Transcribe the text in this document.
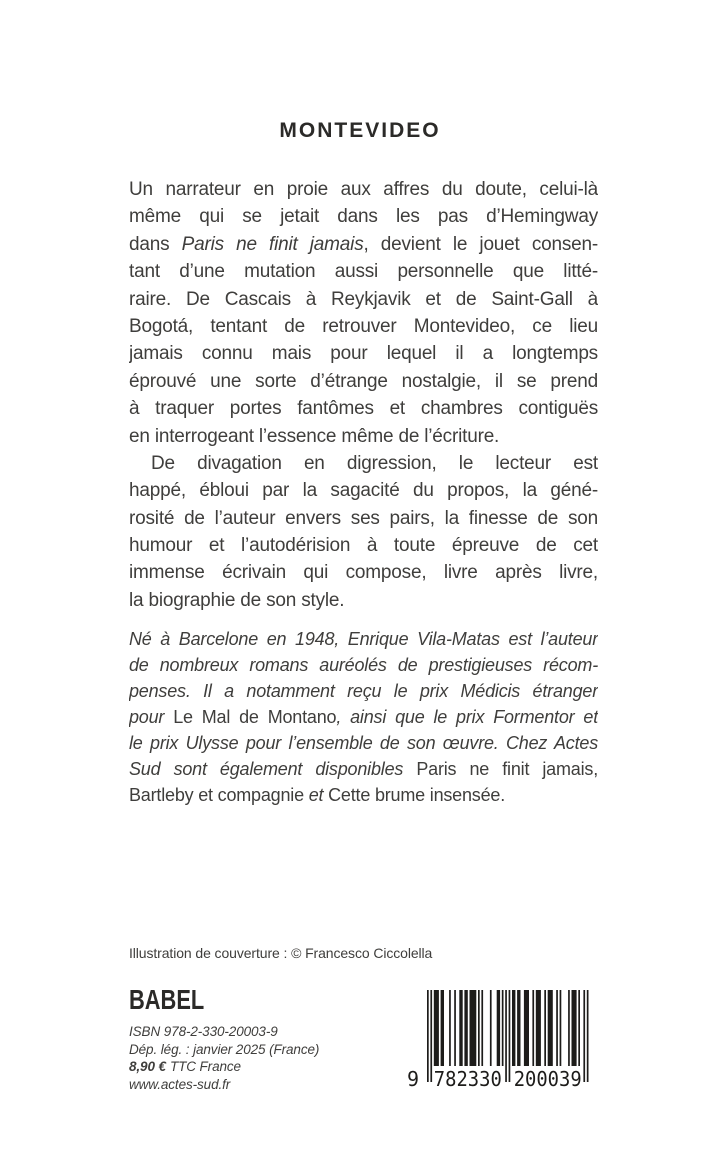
MONTEVIDEO
Un narrateur en proie aux affres du doute, celui-là
même qui se jetait dans les pas d’Hemingway
dans Paris ne finit jamais, devient le jouet consen-
tant d’une mutation aussi personnelle que litté-
raire. De Cascais à Reykjavik et de Saint-Gall à
Bogotá, tentant de retrouver Montevideo, ce lieu
jamais connu mais pour lequel il a longtemps
éprouvé une sorte d’étrange nostalgie, il se prend
à traquer portes fantômes et chambres contiguës
en interrogeant l’essence même de l’écriture.
De divagation en digression, le lecteur est
happé, ébloui par la sagacité du propos, la géné-
rosité de l’auteur envers ses pairs, la finesse de son
humour et l’autodérision à toute épreuve de cet
immense écrivain qui compose, livre après livre,
la biographie de son style.
Né à Barcelone en 1948, Enrique Vila-Matas est l’auteur
de nombreux romans auréolés de prestigieuses récom-
penses. Il a notamment reçu le prix Médicis étranger
pour Le Mal de Montano, ainsi que le prix Formentor et
le prix Ulysse pour l’ensemble de son œuvre. Chez Actes
Sud sont également disponibles Paris ne finit jamais,
Bartleby et compagnie et Cette brume insensée.
Illustration de couverture : © Francesco Ciccolella
BABEL
ISBN 978-2-330-20003-9
Dép. lég. : janvier 2025 (France)
8,90 € TTC France
www.actes-sud.fr	9 782330 200039
